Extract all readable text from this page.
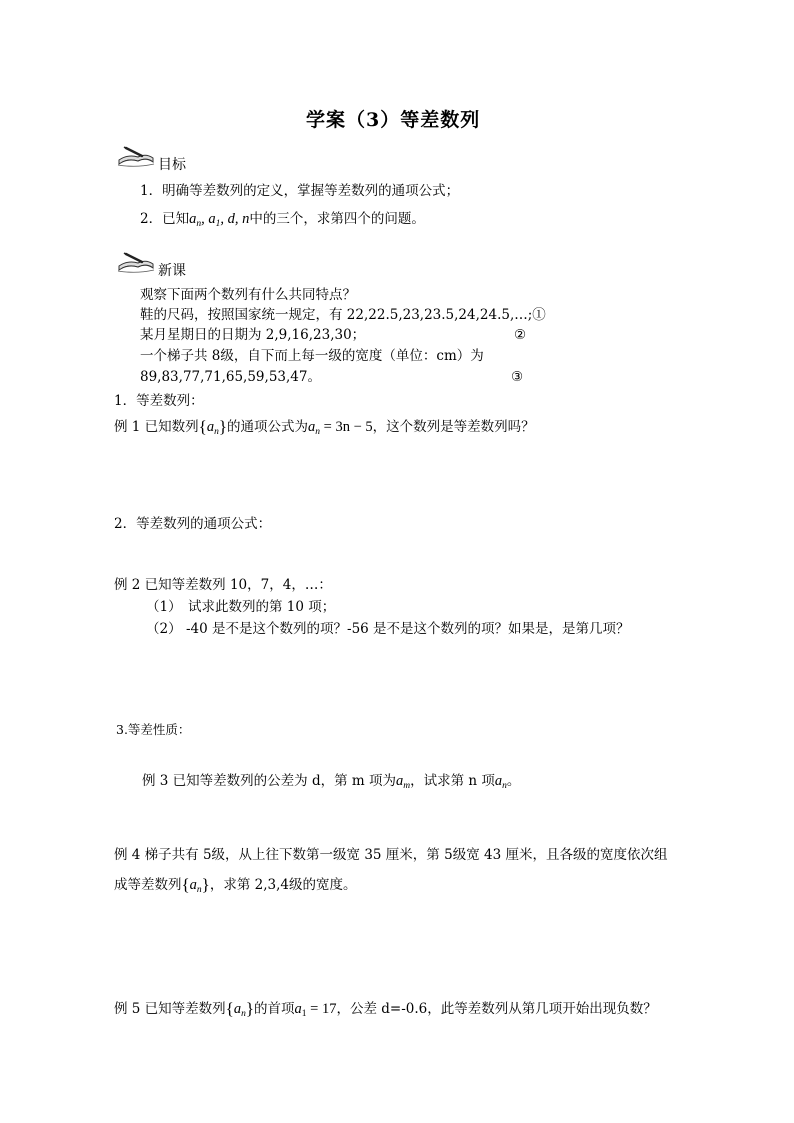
学案（3）等差数列
目标
1．明确等差数列的定义，掌握等差数列的通项公式；
2．已知$a_n$, $a_1$, d, n中的三个，求第四个的问题。
新课
观察下面两个数列有什么共同特点？
鞋的尺码，按照国家统一规定，有 22,22.5,23,23.5,24,24.5,…;①
某月星期日的日期为 2,9,16,23,30；	②
一个梯子共 8级，自下而上每一级的宽度（单位：cm）为
89,83,77,71,65,59,53,47。	③
1．等差数列：
例 1 已知数列$\{a_n\}$的通项公式为$a_n = 3n - 5$，这个数列是等差数列吗？
2．等差数列的通项公式：
例 2 已知等差数列 10，7，4，…：
（1） 试求此数列的第 10 项；
（2） -40 是不是这个数列的项？-56 是不是这个数列的项？如果是，是第几项？
3.等差性质：
例 3 已知等差数列的公差为 d，第 m 项为$a_m$，试求第 n 项$a_n$。
例 4 梯子共有 5级，从上往下数第一级宽 35 厘米，第 5级宽 43 厘米，且各级的宽度依次组
成等差数列$\{a_n\}$，求第 2,3,4级的宽度。
例 5 已知等差数列$\{a_n\}$的首项$a_1 = 17$，公差 d=-0.6，此等差数列从第几项开始出现负数？
